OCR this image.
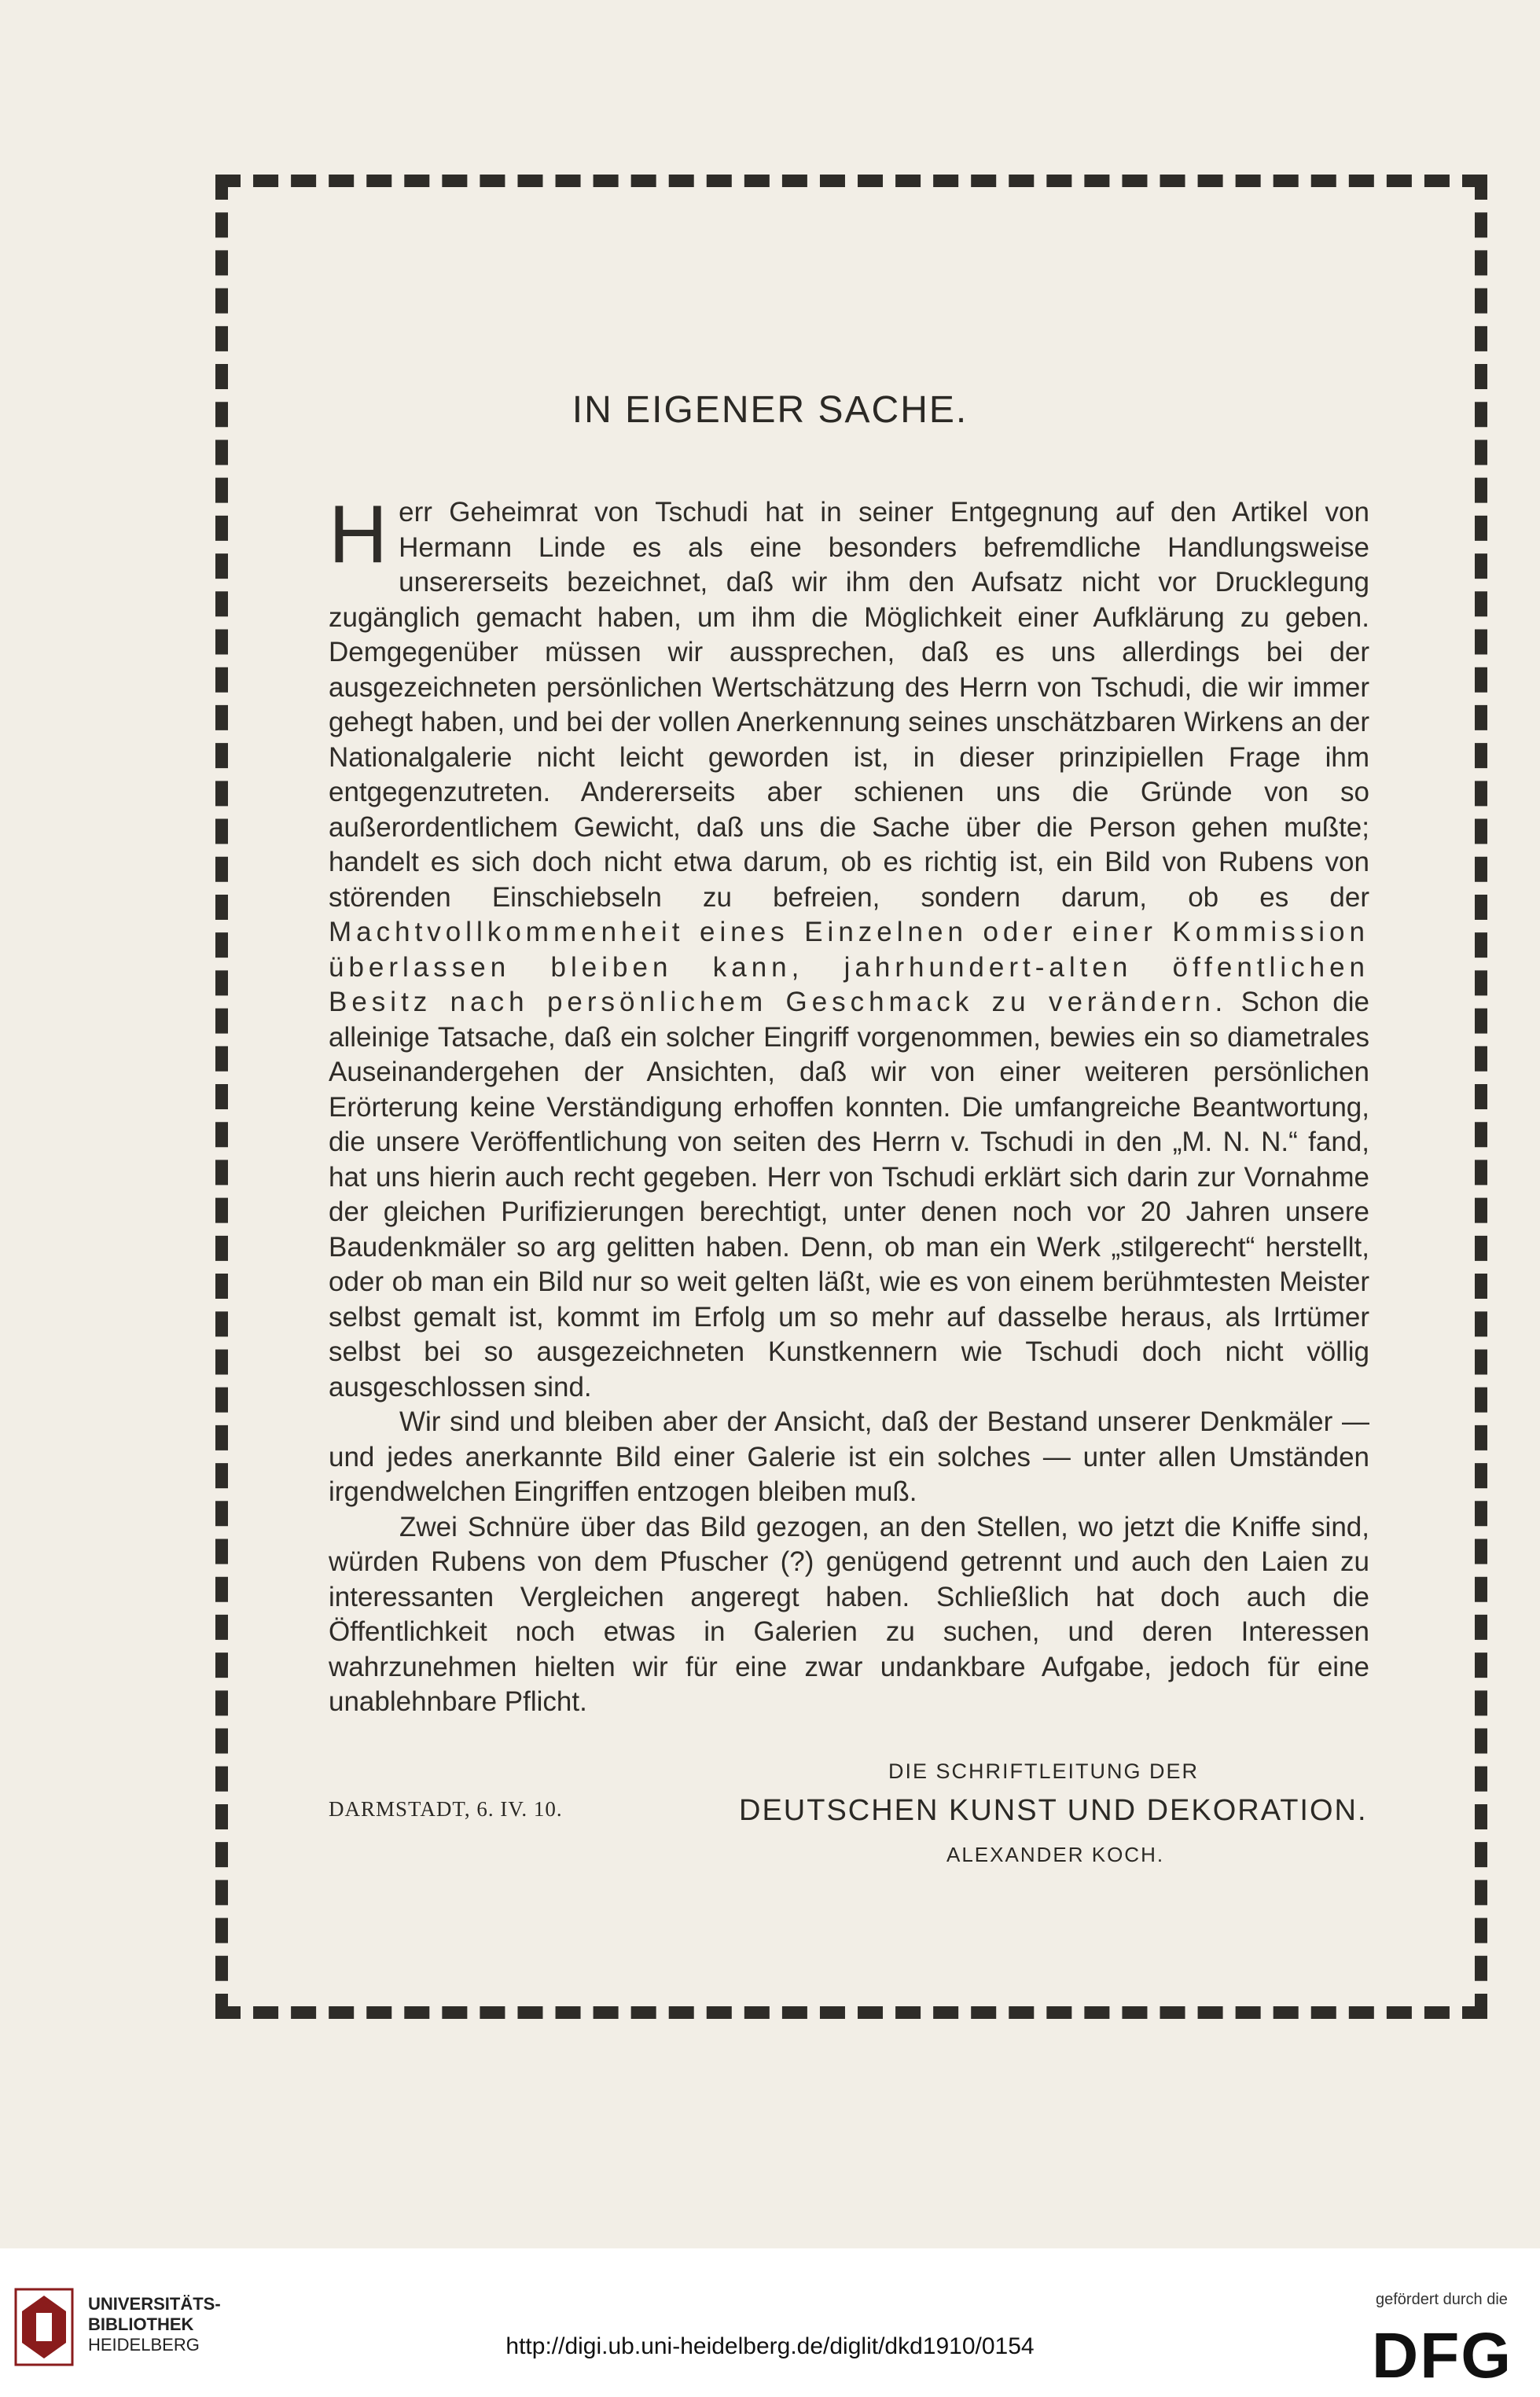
IN EIGENER SACHE.

Herr Geheimrat von Tschudi hat in seiner Entgegnung auf den Artikel von Hermann Linde es als eine besonders befremdliche Handlungsweise unsererseits bezeichnet, daß wir ihm den Aufsatz nicht vor Drucklegung zugänglich gemacht haben, um ihm die Möglichkeit einer Aufklärung zu geben. Demgegenüber müssen wir aussprechen, daß es uns allerdings bei der ausgezeichneten persönlichen Wertschätzung des Herrn von Tschudi, die wir immer gehegt haben, und bei der vollen Anerkennung seines unschätzbaren Wirkens an der Nationalgalerie nicht leicht geworden ist, in dieser prinzipiellen Frage ihm entgegenzutreten. Andererseits aber schienen uns die Gründe von so außerordentlichem Gewicht, daß uns die Sache über die Person gehen mußte; handelt es sich doch nicht etwa darum, ob es richtig ist, ein Bild von Rubens von störenden Einschiebseln zu befreien, sondern darum, ob es der Machtvollkommenheit eines Einzelnen oder einer Kommission überlassen bleiben kann, jahrhundert-alten öffentlichen Besitz nach persönlichem Geschmack zu verändern. Schon die alleinige Tatsache, daß ein solcher Eingriff vorgenommen, bewies ein so diametrales Auseinandergehen der Ansichten, daß wir von einer weiteren persönlichen Erörterung keine Verständigung erhoffen konnten. Die umfangreiche Beantwortung, die unsere Veröffentlichung von seiten des Herrn v. Tschudi in den „M. N. N.“ fand, hat uns hierin auch recht gegeben. Herr von Tschudi erklärt sich darin zur Vornahme der gleichen Purifizierungen berechtigt, unter denen noch vor 20 Jahren unsere Baudenkmäler so arg gelitten haben. Denn, ob man ein Werk „stilgerecht“ herstellt, oder ob man ein Bild nur so weit gelten läßt, wie es von einem berühmtesten Meister selbst gemalt ist, kommt im Erfolg um so mehr auf dasselbe heraus, als Irrtümer selbst bei so ausgezeichneten Kunstkennern wie Tschudi doch nicht völlig ausgeschlossen sind.

Wir sind und bleiben aber der Ansicht, daß der Bestand unserer Denkmäler — und jedes anerkannte Bild einer Galerie ist ein solches — unter allen Umständen irgendwelchen Eingriffen entzogen bleiben muß.

Zwei Schnüre über das Bild gezogen, an den Stellen, wo jetzt die Kniffe sind, würden Rubens von dem Pfuscher (?) genügend getrennt und auch den Laien zu interessanten Vergleichen angeregt haben. Schließlich hat doch auch die Öffentlichkeit noch etwas in Galerien zu suchen, und deren Interessen wahrzunehmen hielten wir für eine zwar undankbare Aufgabe, jedoch für eine unablehnbare Pflicht.

DARMSTADT, 6. IV. 10.
DIE SCHRIFTLEITUNG DER
DEUTSCHEN KUNST UND DEKORATION.
ALEXANDER KOCH.
UNIVERSITÄTS-
BIBLIOTHEK
HEIDELBERG	http://digi.ub.uni-heidelberg.de/diglit/dkd1910/0154
gefördert durch die
DFG
